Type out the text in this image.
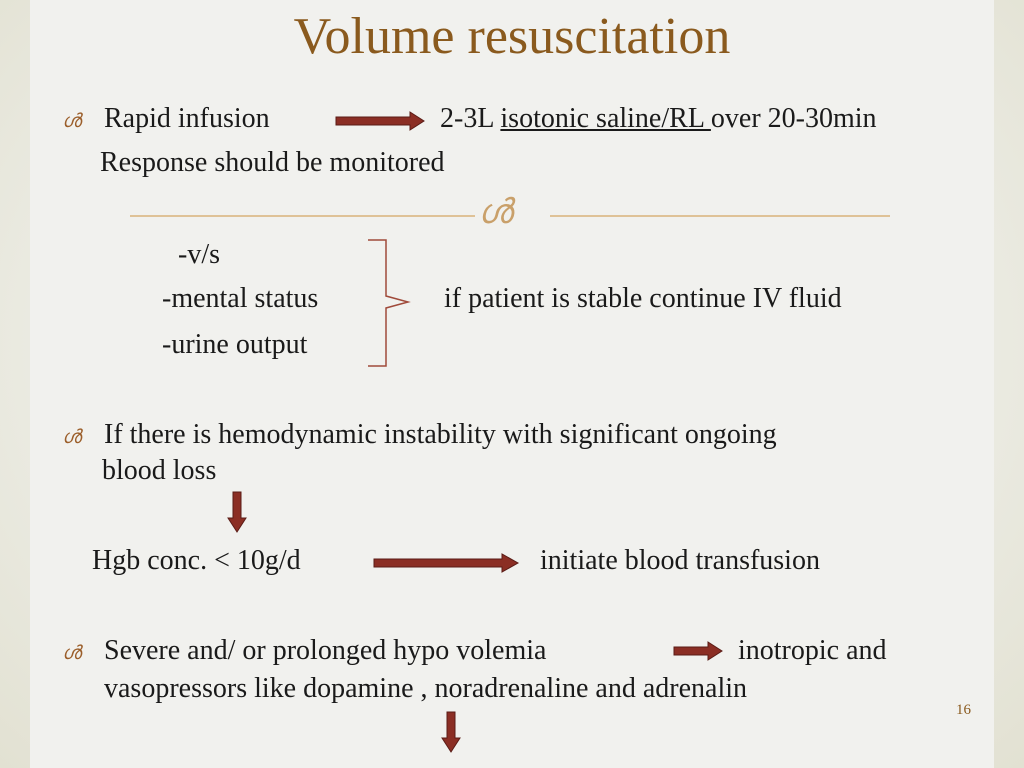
Volume resuscitation
ൾ Rapid infusion	2-3L isotonic saline/RL over 20-30min
Response should be monitored
ൾ
-v/s
-mental status
-urine output
if patient is stable continue IV fluid
ൾ If there is hemodynamic instability with significant ongoing
blood loss
Hgb conc. < 10g/d	initiate blood transfusion
ൾ Severe and/ or prolonged hypo volemia	inotropic and
vasopressors like dopamine , noradrenaline and adrenalin
16
